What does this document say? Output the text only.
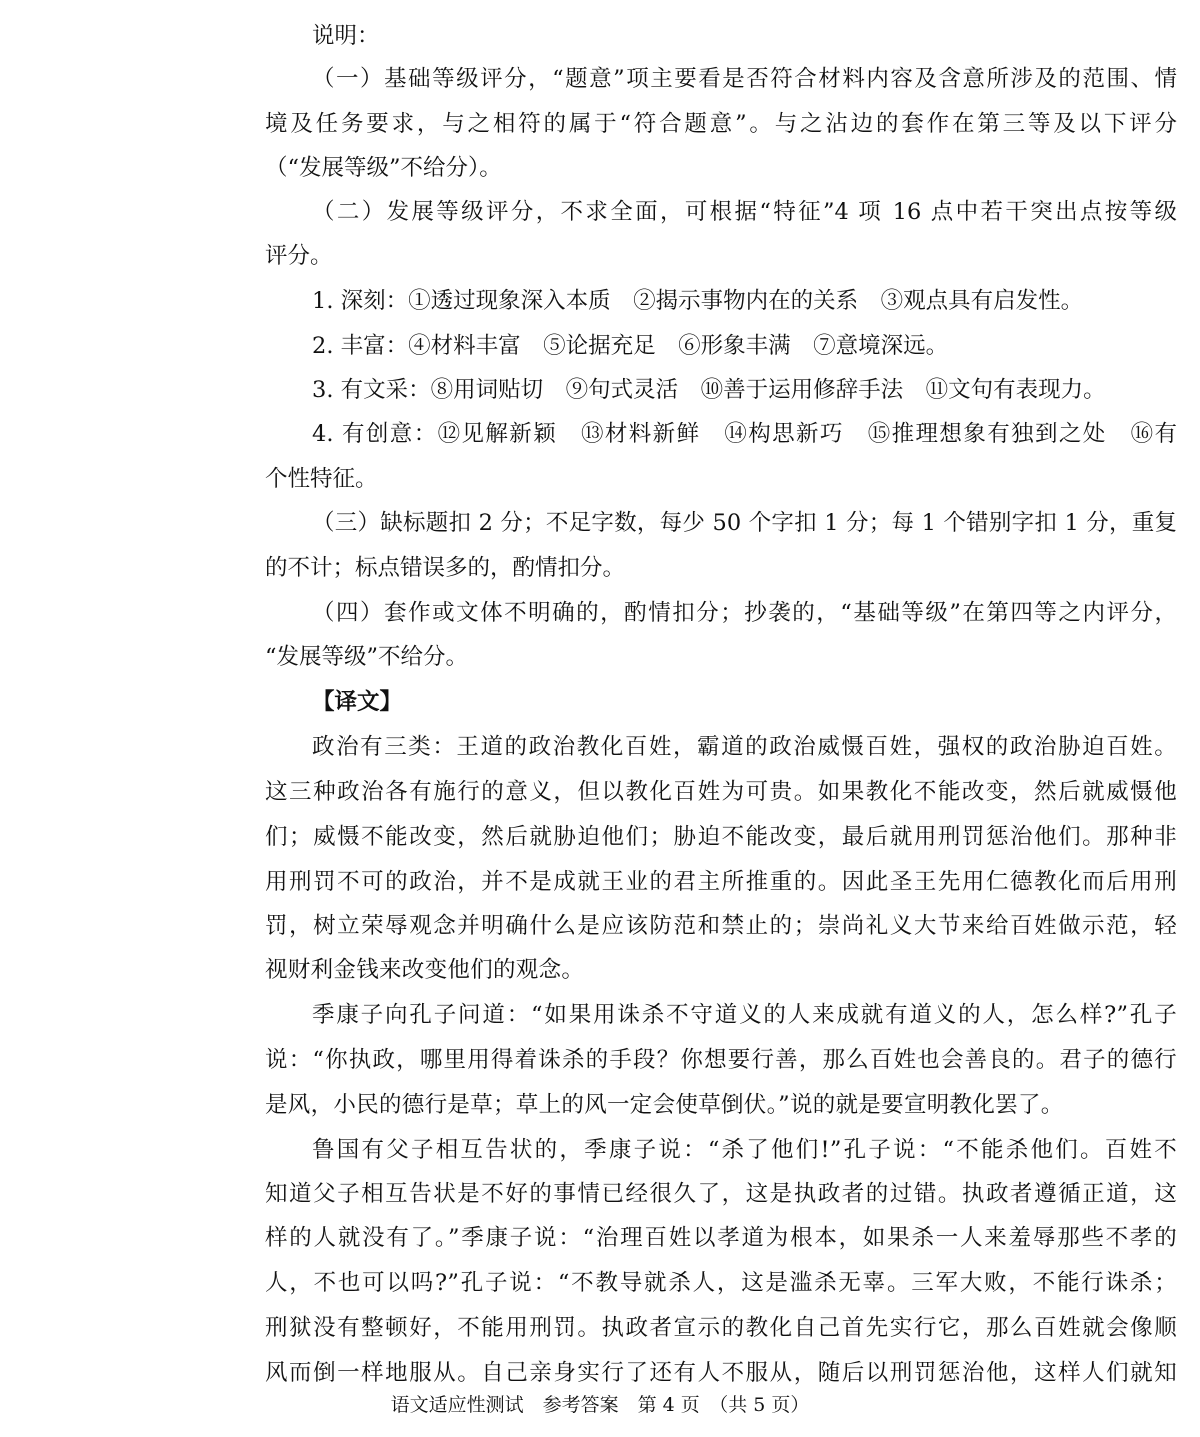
说明：
（一）基础等级评分，“题意”项主要看是否符合材料内容及含意所涉及的范围、情
境及任务要求，与之相符的属于“符合题意”。与之沾边的套作在第三等及以下评分
（“发展等级”不给分）。
（二）发展等级评分，不求全面，可根据“特征”4 项 16 点中若干突出点按等级
评分。
1. 深刻：①透过现象深入本质　②揭示事物内在的关系　③观点具有启发性。
2. 丰富：④材料丰富　⑤论据充足　⑥形象丰满　⑦意境深远。
3. 有文采：⑧用词贴切　⑨句式灵活　⑩善于运用修辞手法　⑪文句有表现力。
4. 有创意：⑫见解新颖　⑬材料新鲜　⑭构思新巧　⑮推理想象有独到之处　⑯有
个性特征。
（三）缺标题扣 2 分；不足字数，每少 50 个字扣 1 分；每 1 个错别字扣 1 分，重复
的不计；标点错误多的，酌情扣分。
（四）套作或文体不明确的，酌情扣分；抄袭的，“基础等级”在第四等之内评分，
“发展等级”不给分。
【译文】
政治有三类：王道的政治教化百姓，霸道的政治威慑百姓，强权的政治胁迫百姓。
这三种政治各有施行的意义，但以教化百姓为可贵。如果教化不能改变，然后就威慑他
们；威慑不能改变，然后就胁迫他们；胁迫不能改变，最后就用刑罚惩治他们。那种非
用刑罚不可的政治，并不是成就王业的君主所推重的。因此圣王先用仁德教化而后用刑
罚，树立荣辱观念并明确什么是应该防范和禁止的；崇尚礼义大节来给百姓做示范，轻
视财利金钱来改变他们的观念。
季康子向孔子问道：“如果用诛杀不守道义的人来成就有道义的人，怎么样?”孔子
说：“你执政，哪里用得着诛杀的手段？你想要行善，那么百姓也会善良的。君子的德行
是风，小民的德行是草；草上的风一定会使草倒伏。”说的就是要宣明教化罢了。
鲁国有父子相互告状的，季康子说：“杀了他们!”孔子说：“不能杀他们。百姓不
知道父子相互告状是不好的事情已经很久了，这是执政者的过错。执政者遵循正道，这
样的人就没有了。”季康子说：“治理百姓以孝道为根本，如果杀一人来羞辱那些不孝的
人，不也可以吗?”孔子说：“不教导就杀人，这是滥杀无辜。三军大败，不能行诛杀；
刑狱没有整顿好，不能用刑罚。执政者宣示的教化自己首先实行它，那么百姓就会像顺
风而倒一样地服从。自己亲身实行了还有人不服从，随后以刑罚惩治他，这样人们就知
语文适应性测试　参考答案　第 4 页　（共 5 页）
